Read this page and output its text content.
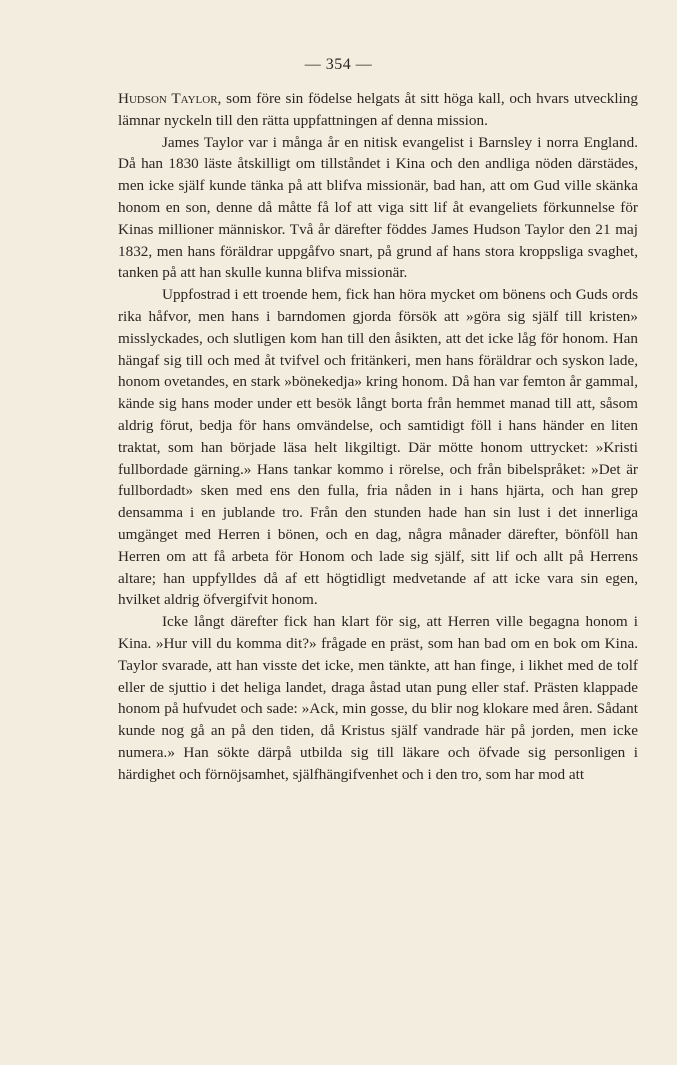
— 354 —

Hudson Taylor, som före sin födelse helgats åt sitt höga kall, och hvars utveckling lämnar nyckeln till den rätta uppfattningen af denna mission.

James Taylor var i många år en nitisk evangelist i Barnsley i norra England. Då han 1830 läste åtskilligt om tillståndet i Kina och den andliga nöden därstädes, men icke själf kunde tänka på att blifva missionär, bad han, att om Gud ville skänka honom en son, denne då måtte få lof att viga sitt lif åt evangeliets förkunnelse för Kinas millioner människor. Två år därefter föddes James Hudson Taylor den 21 maj 1832, men hans föräldrar uppgåfvo snart, på grund af hans stora kroppsliga svaghet, tanken på att han skulle kunna blifva missionär.

Uppfostrad i ett troende hem, fick han höra mycket om bönens och Guds ords rika håfvor, men hans i barndomen gjorda försök att »göra sig själf till kristen» misslyckades, och slutligen kom han till den åsikten, att det icke låg för honom. Han hängaf sig till och med åt tvifvel och fritänkeri, men hans föräldrar och syskon lade, honom ovetandes, en stark »bönekedja» kring honom. Då han var femton år gammal, kände sig hans moder under ett besök långt borta från hemmet manad till att, såsom aldrig förut, bedja för hans omvändelse, och samtidigt föll i hans händer en liten traktat, som han började läsa helt likgiltigt. Där mötte honom uttrycket: »Kristi fullbordade gärning.» Hans tankar kommo i rörelse, och från bibelspråket: »Det är fullbordadt» sken med ens den fulla, fria nåden in i hans hjärta, och han grep densamma i en jublande tro. Från den stunden hade han sin lust i det innerliga umgänget med Herren i bönen, och en dag, några månader därefter, bönföll han Herren om att få arbeta för Honom och lade sig själf, sitt lif och allt på Herrens altare; han uppfylldes då af ett högtidligt medvetande af att icke vara sin egen, hvilket aldrig öfvergifvit honom.

Icke långt därefter fick han klart för sig, att Herren ville begagna honom i Kina. »Hur vill du komma dit?» frågade en präst, som han bad om en bok om Kina. Taylor svarade, att han visste det icke, men tänkte, att han finge, i likhet med de tolf eller de sjuttio i det heliga landet, draga åstad utan pung eller staf. Prästen klappade honom på hufvudet och sade: »Ack, min gosse, du blir nog klokare med åren. Sådant kunde nog gå an på den tiden, då Kristus själf vandrade här på jorden, men icke numera.» Han sökte därpå utbilda sig till läkare och öfvade sig personligen i härdighet och förnöjsamhet, själfhängifvenhet och i den tro, som har mod att
